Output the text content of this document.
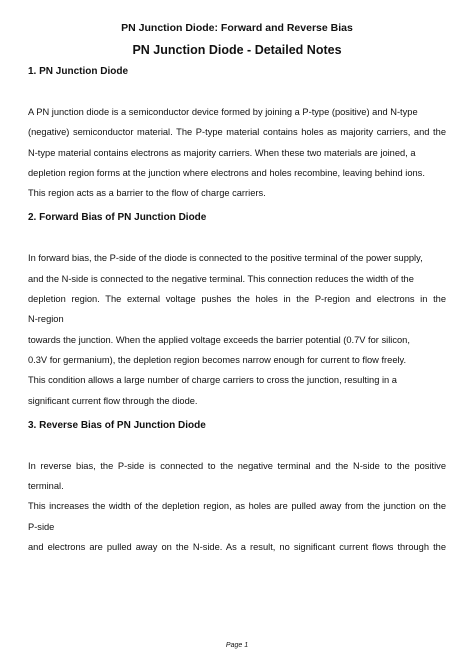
PN Junction Diode: Forward and Reverse Bias
PN Junction Diode - Detailed Notes
1. PN Junction Diode
A PN junction diode is a semiconductor device formed by joining a P-type (positive) and N-type
(negative) semiconductor material. The P-type material contains holes as majority carriers, and the
N-type material contains electrons as majority carriers. When these two materials are joined, a
depletion region forms at the junction where electrons and holes recombine, leaving behind ions.
This region acts as a barrier to the flow of charge carriers.
2. Forward Bias of PN Junction Diode
In forward bias, the P-side of the diode is connected to the positive terminal of the power supply,
and the N-side is connected to the negative terminal. This connection reduces the width of the
depletion region. The external voltage pushes the holes in the P-region and electrons in the
N-region
towards the junction. When the applied voltage exceeds the barrier potential (0.7V for silicon,
0.3V for germanium), the depletion region becomes narrow enough for current to flow freely.
This condition allows a large number of charge carriers to cross the junction, resulting in a
significant current flow through the diode.
3. Reverse Bias of PN Junction Diode
In reverse bias, the P-side is connected to the negative terminal and the N-side to the positive
terminal.
This increases the width of the depletion region, as holes are pulled away from the junction on the
P-side
and electrons are pulled away on the N-side. As a result, no significant current flows through the
Page 1
